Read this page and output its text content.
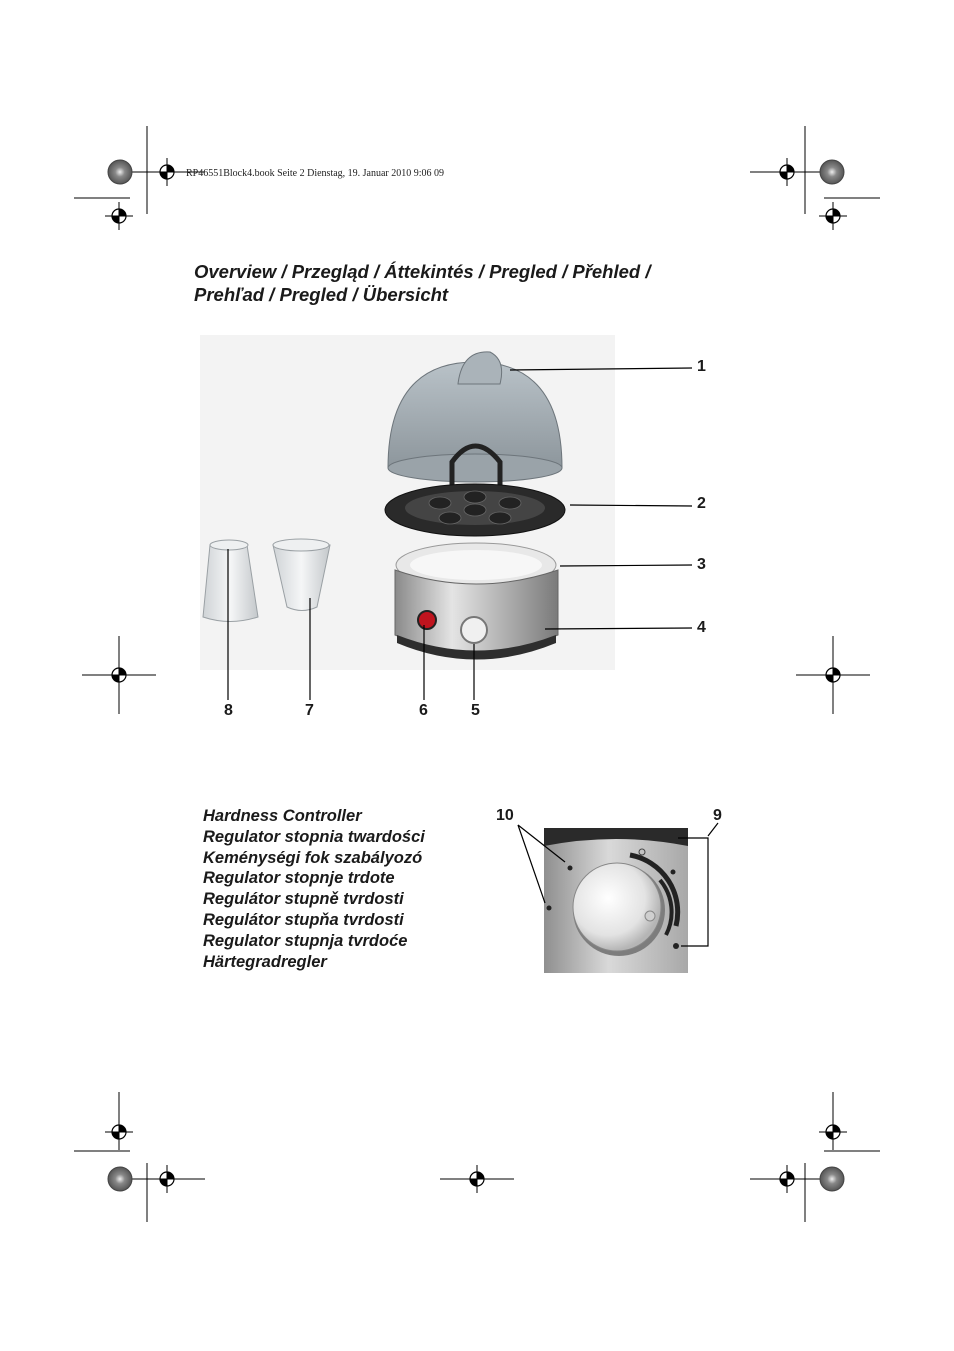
RP46551Block4.book Seite 2 Dienstag, 19. Januar 2010 9:06 09
Overview / Przegląd / Áttekintés / Pregled / Přehled /
Prehľad / Pregled / Übersicht
1
2
3
4
5
6
7
8
Hardness Controller
Regulator stopnia twardości
Keménységi fok szabályozó
Regulator stopnje trdote
Regulátor stupně tvrdosti
Regulátor stupňa tvrdosti
Regulator stupnja tvrdoće
Härtegradregler
10	9
